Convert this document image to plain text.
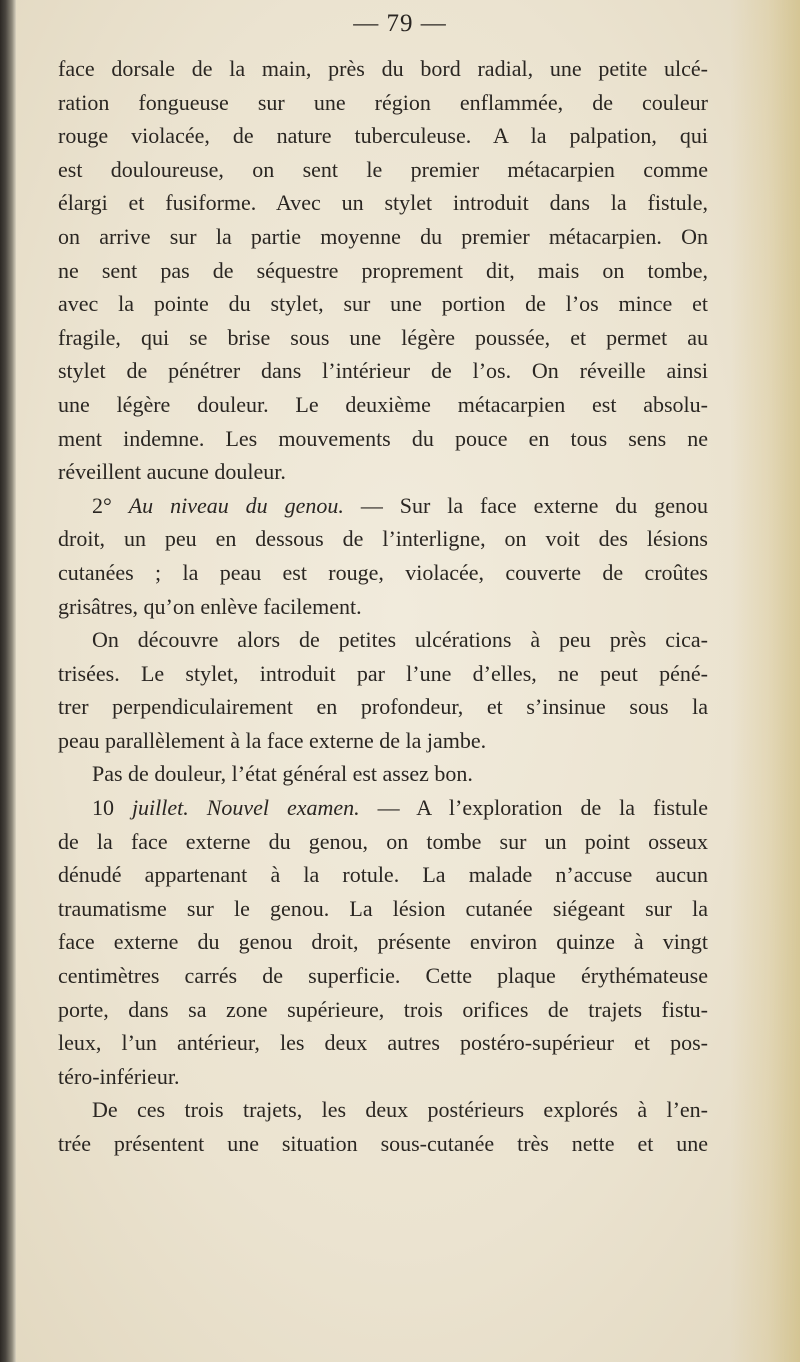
— 79 —
face dorsale de la main, près du bord radial, une petite ulcé-
ration fongueuse sur une région enflammée, de couleur
rouge violacée, de nature tuberculeuse. A la palpation, qui
est douloureuse, on sent le premier métacarpien comme
élargi et fusiforme. Avec un stylet introduit dans la fistule,
on arrive sur la partie moyenne du premier métacarpien. On
ne sent pas de séquestre proprement dit, mais on tombe,
avec la pointe du stylet, sur une portion de l’os mince et
fragile, qui se brise sous une légère poussée, et permet au
stylet de pénétrer dans l’intérieur de l’os. On réveille ainsi
une légère douleur. Le deuxième métacarpien est absolu-
ment indemne. Les mouvements du pouce en tous sens ne
réveillent aucune douleur.
2° Au niveau du genou. — Sur la face externe du genou
droit, un peu en dessous de l’interligne, on voit des lésions
cutanées ; la peau est rouge, violacée, couverte de croûtes
grisâtres, qu’on enlève facilement.
On découvre alors de petites ulcérations à peu près cica-
trisées. Le stylet, introduit par l’une d’elles, ne peut péné-
trer perpendiculairement en profondeur, et s’insinue sous la
peau parallèlement à la face externe de la jambe.
Pas de douleur, l’état général est assez bon.
10 juillet. Nouvel examen. — A l’exploration de la fistule
de la face externe du genou, on tombe sur un point osseux
dénudé appartenant à la rotule. La malade n’accuse aucun
traumatisme sur le genou. La lésion cutanée siégeant sur la
face externe du genou droit, présente environ quinze à vingt
centimètres carrés de superficie. Cette plaque érythémateuse
porte, dans sa zone supérieure, trois orifices de trajets fistu-
leux, l’un antérieur, les deux autres postéro-supérieur et pos-
téro-inférieur.
De ces trois trajets, les deux postérieurs explorés à l’en-
trée présentent une situation sous-cutanée très nette et une
